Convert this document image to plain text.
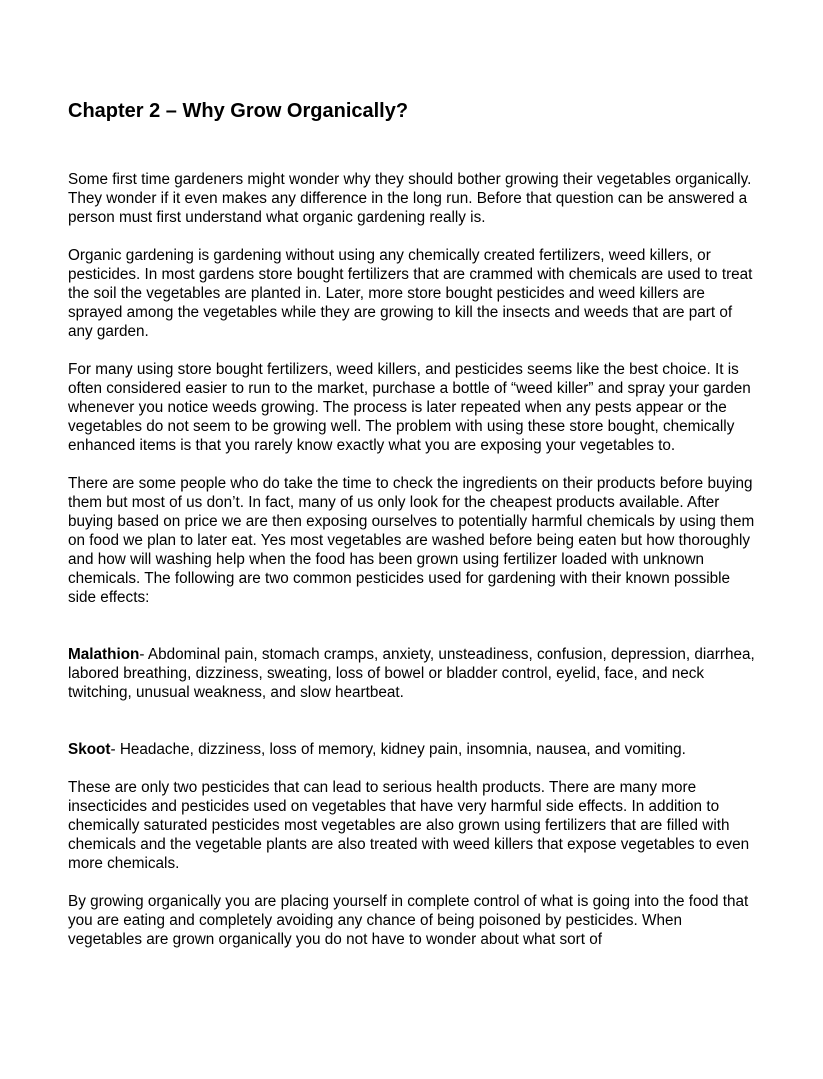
Chapter 2 – Why Grow Organically?

Some first time gardeners might wonder why they should bother growing their vegetables organically. They wonder if it even makes any difference in the long run. Before that question can be answered a person must first understand what organic gardening really is.

Organic gardening is gardening without using any chemically created fertilizers, weed killers, or pesticides. In most gardens store bought fertilizers that are crammed with chemicals are used to treat the soil the vegetables are planted in. Later, more store bought pesticides and weed killers are sprayed among the vegetables while they are growing to kill the insects and weeds that are part of any garden.

For many using store bought fertilizers, weed killers, and pesticides seems like the best choice. It is often considered easier to run to the market, purchase a bottle of “weed killer” and spray your garden whenever you notice weeds growing. The process is later repeated when any pests appear or the vegetables do not seem to be growing well. The problem with using these store bought, chemically enhanced items is that you rarely know exactly what you are exposing your vegetables to.

There are some people who do take the time to check the ingredients on their products before buying them but most of us don’t. In fact, many of us only look for the cheapest products available. After buying based on price we are then exposing ourselves to potentially harmful chemicals by using them on food we plan to later eat. Yes most vegetables are washed before being eaten but how thoroughly and how will washing help when the food has been grown using fertilizer loaded with unknown chemicals. The following are two common pesticides used for gardening with their known possible side effects:

Malathion- Abdominal pain, stomach cramps, anxiety, unsteadiness, confusion, depression, diarrhea, labored breathing, dizziness, sweating, loss of bowel or bladder control, eyelid, face, and neck twitching, unusual weakness, and slow heartbeat.

Skoot- Headache, dizziness, loss of memory, kidney pain, insomnia, nausea, and vomiting.

These are only two pesticides that can lead to serious health products. There are many more insecticides and pesticides used on vegetables that have very harmful side effects. In addition to chemically saturated pesticides most vegetables are also grown using fertilizers that are filled with chemicals and the vegetable plants are also treated with weed killers that expose vegetables to even more chemicals.

By growing organically you are placing yourself in complete control of what is going into the food that you are eating and completely avoiding any chance of being poisoned by pesticides. When vegetables are grown organically you do not have to wonder about what sort of
